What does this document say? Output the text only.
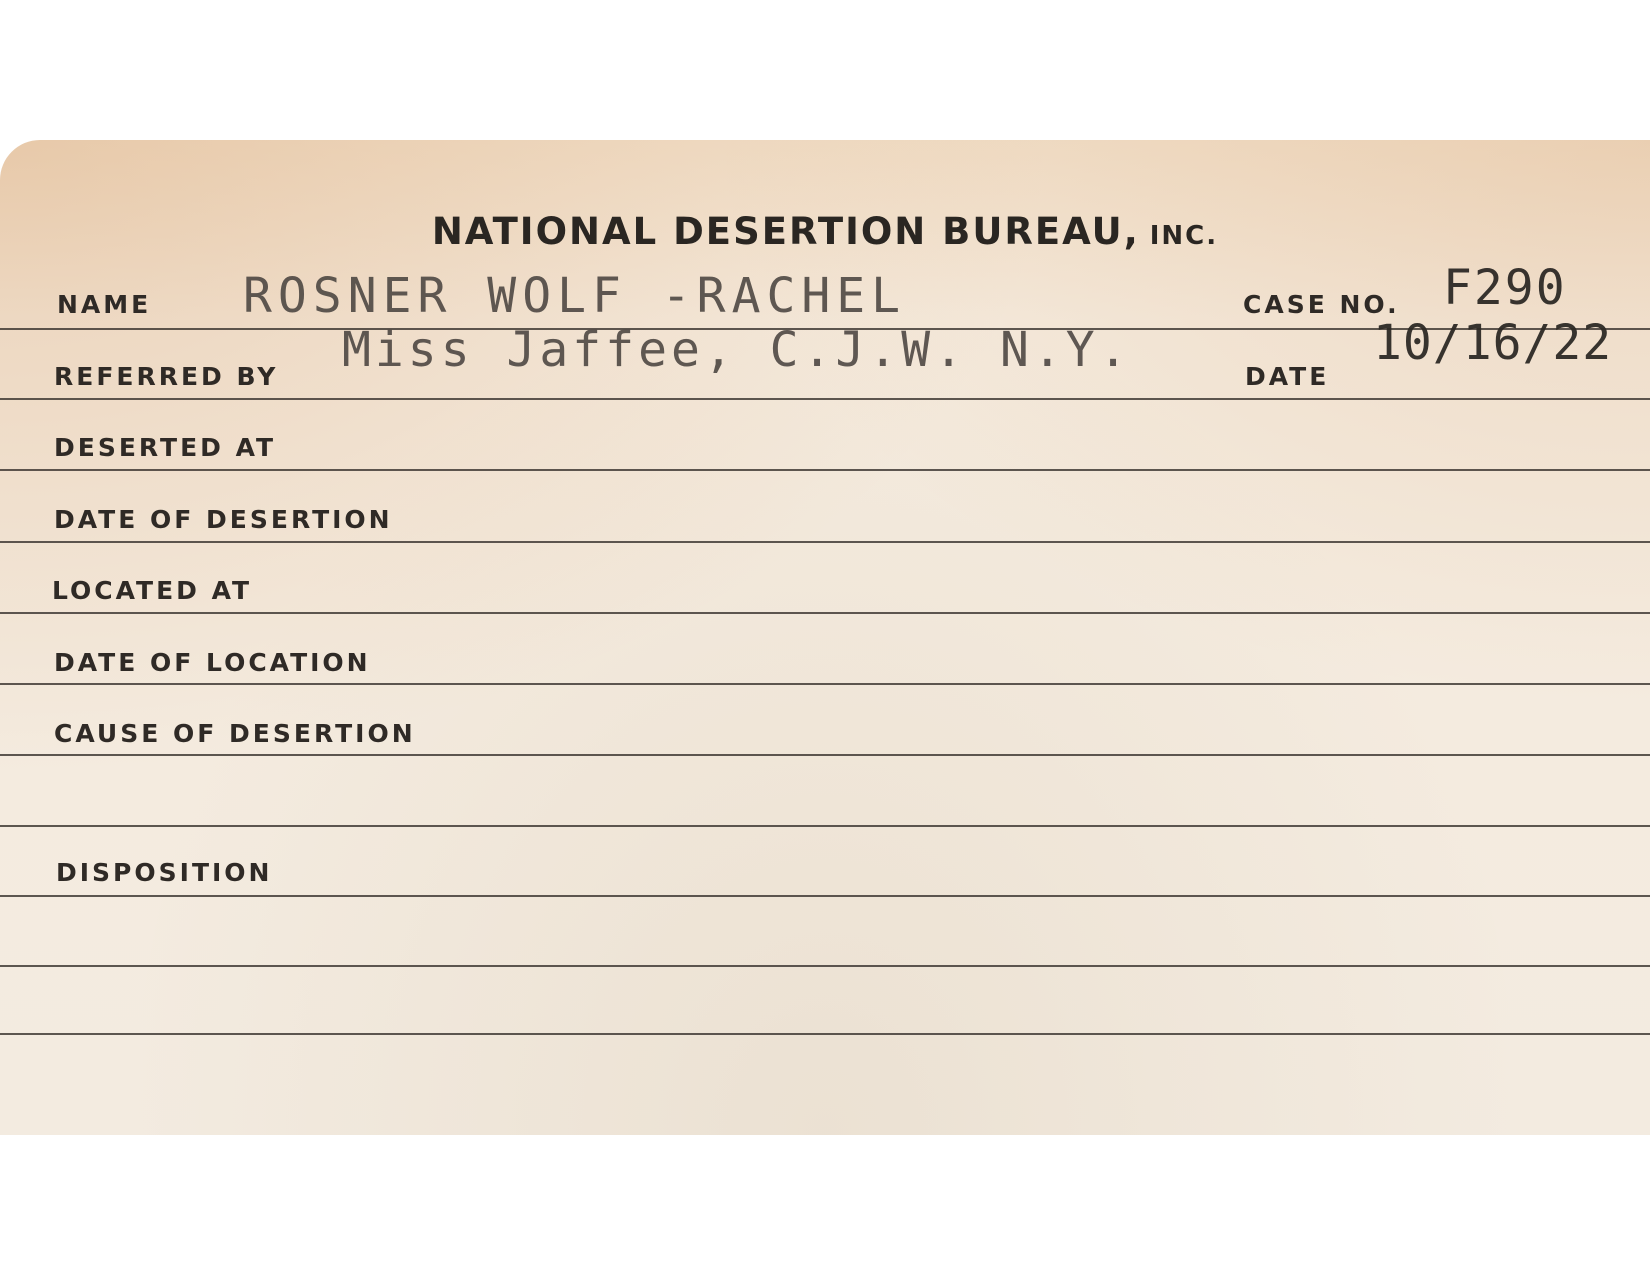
NATIONAL DESERTION BUREAU, INC.
NAME ROSNER WOLF -RACHEL	CASE NO. F290
REFERRED BY Miss Jaffee, C.J.W. N.Y.	DATE
10/16/22
DESERTED AT
DATE OF DESERTION
LOCATED AT
DATE OF LOCATION
CAUSE OF DESERTION
DISPOSITION
